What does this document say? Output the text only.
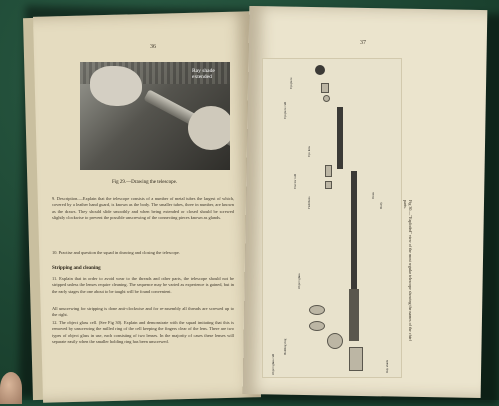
36
37
Ray shade
extended
Fig 29.—Drawing the telescope.
9. Description.—Explain that the telescope consists of a number of metal tubes the largest of which, covered by a leather hand guard, is known as the body. The smaller tubes, three in number, are known as the draws. They should slide smoothly and when being extended or closed should be screwed slightly clockwise to prevent the possible unscrewing of the connecting pieces known as glands.
10. Practise and question the squad in drawing and closing the telescope.
Stripping and cleaning
11. Explain that in order to avoid wear to the threads and other parts, the telescope should not be stripped unless the lenses require cleaning. The sequence may be varied as experience is gained, but in the early stages the one about to be taught will be found convenient.
All unscrewing for stripping is done anti-clockwise and for re-assembly all threads are screwed up to the right.
12. The object glass cell. (See Fig 30). Explain and demonstrate with the squad imitating that this is removed by unscrewing the milled ring of the cell keeping the fingers clear of the lens. There are two types of object glass in use, each consisting of two lenses. In the majority of cases these lenses will separate easily when the smaller holding ring has been unscrewed.
Eyepiece
Eyepiece cell
Eye lens
Erector cell
Field lens
Draw
Body
Object glass
Holding ring
Object glass cell	Ray shade
Fig 30.—"Exploded" view of the most regular telescope showing the names of the chief parts.
